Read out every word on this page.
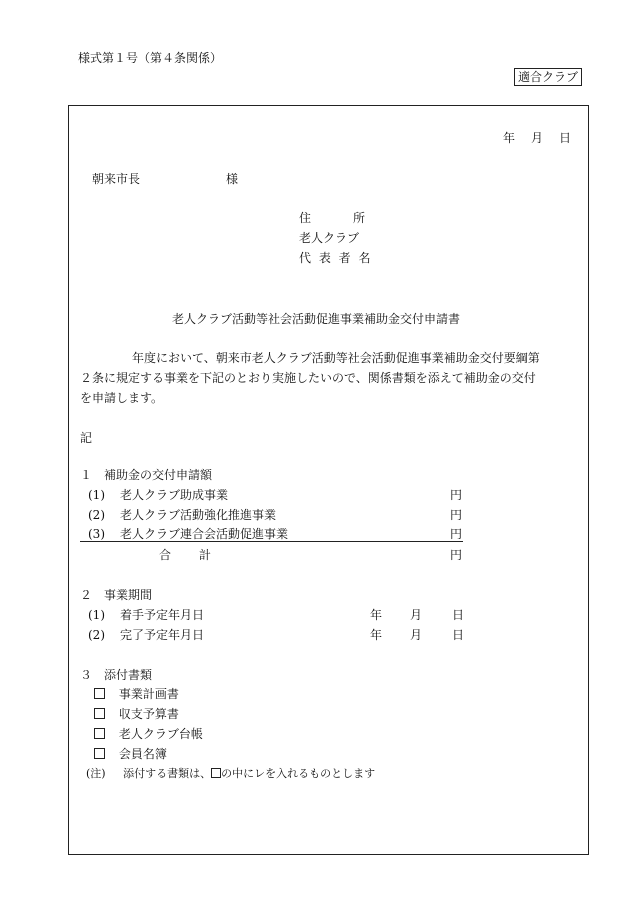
様式第１号（第４条関係）
適合クラブ
年 月 日
朝来市長	様
住	所
老人クラブ
代 表 者 名
老人クラブ活動等社会活動促進事業補助金交付申請書
年度において、朝来市老人クラブ活動等社会活動促進事業補助金交付要綱第
２条に規定する事業を下記のとおり実施したいので、関係書類を添えて補助金の交付
を申請します。
記
１　補助金の交付申請額
(1) 老人クラブ助成事業	円
(2) 老人クラブ活動強化推進事業	円
(3) 老人クラブ連合会活動促進事業	円
合 計	円
２　事業期間
(1) 着手予定年月日	年 月 日
(2) 完了予定年月日	年 月 日
３　添付書類
事業計画書
収支予算書
老人クラブ台帳
会員名簿
(注) 添付する書類は、 の中にレを入れるものとします
